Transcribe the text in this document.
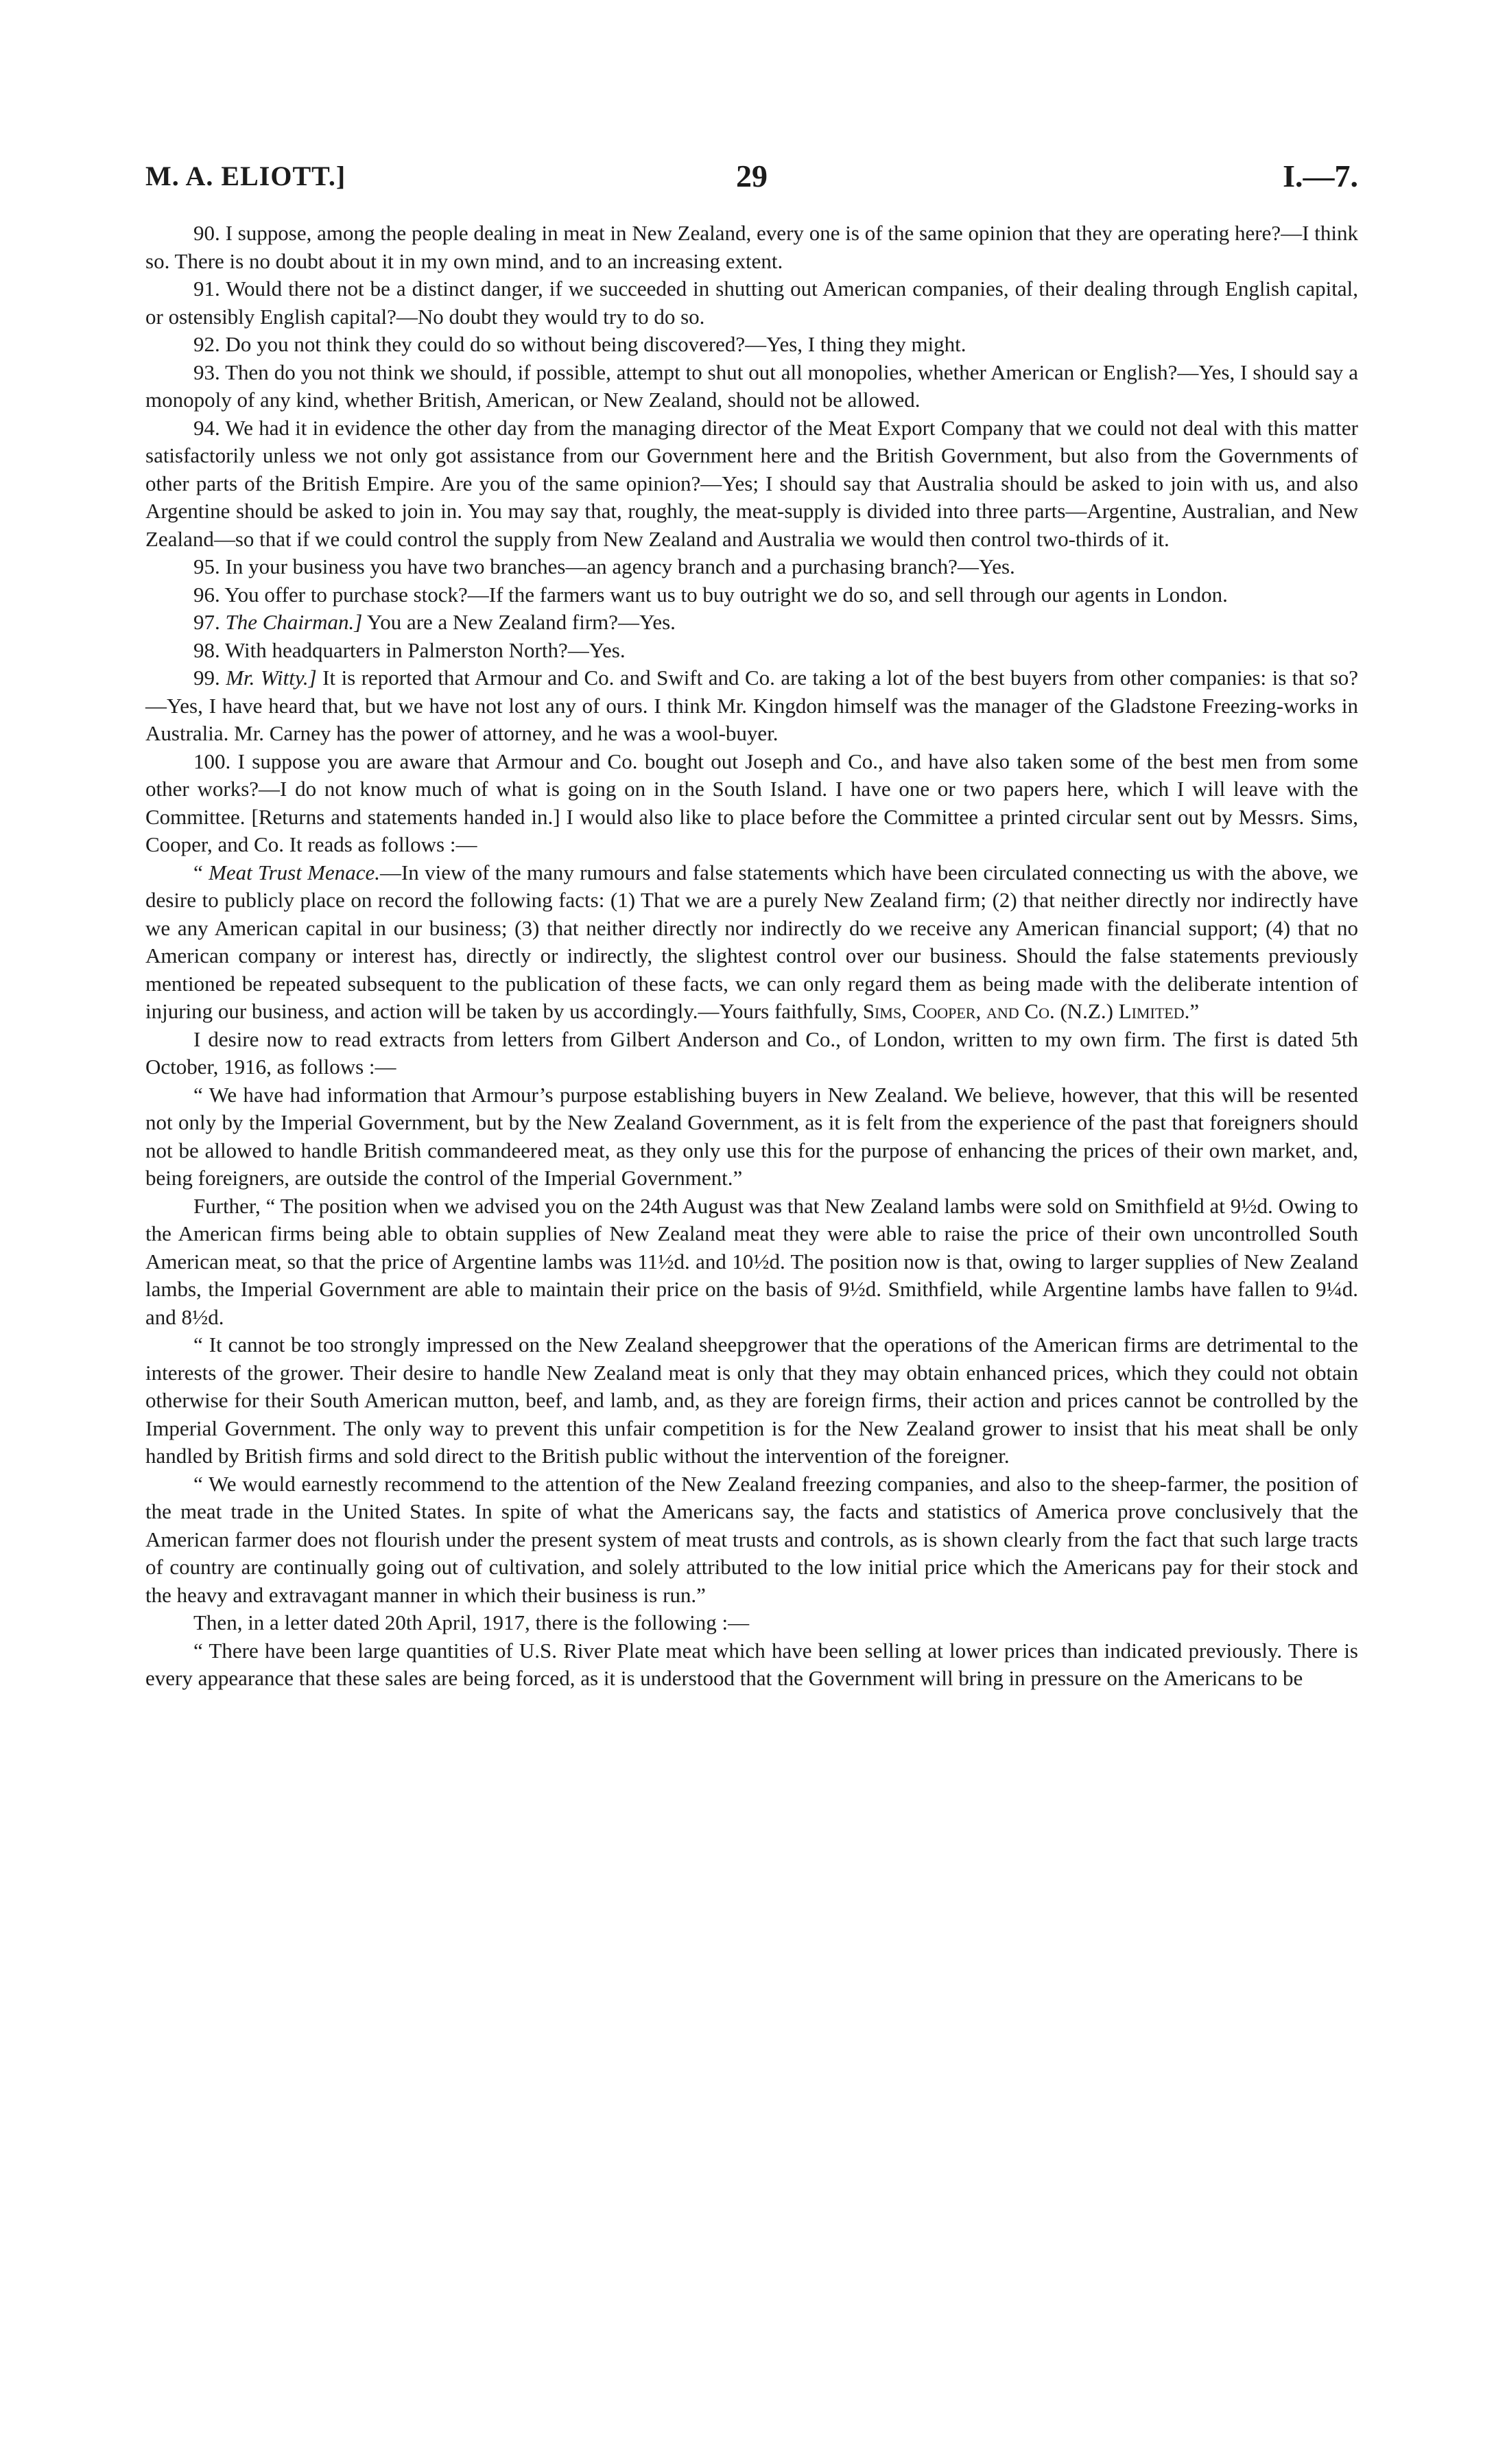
M. A. ELIOTT.]	29	I.—7.

90. I suppose, among the people dealing in meat in New Zealand, every one is of the same opinion that they are operating here?—I think so. There is no doubt about it in my own mind, and to an increasing extent.

91. Would there not be a distinct danger, if we succeeded in shutting out American companies, of their dealing through English capital, or ostensibly English capital?—No doubt they would try to do so.

92. Do you not think they could do so without being discovered?—Yes, I thing they might.

93. Then do you not think we should, if possible, attempt to shut out all monopolies, whether American or English?—Yes, I should say a monopoly of any kind, whether British, American, or New Zealand, should not be allowed.

94. We had it in evidence the other day from the managing director of the Meat Export Company that we could not deal with this matter satisfactorily unless we not only got assistance from our Government here and the British Government, but also from the Governments of other parts of the British Empire. Are you of the same opinion?—Yes; I should say that Australia should be asked to join with us, and also Argentine should be asked to join in. You may say that, roughly, the meat-supply is divided into three parts—Argentine, Australian, and New Zealand—so that if we could control the supply from New Zealand and Australia we would then control two-thirds of it.

95. In your business you have two branches—an agency branch and a purchasing branch?—Yes.

96. You offer to purchase stock?—If the farmers want us to buy outright we do so, and sell through our agents in London.

97. The Chairman.] You are a New Zealand firm?—Yes.

98. With headquarters in Palmerston North?—Yes.

99. Mr. Witty.] It is reported that Armour and Co. and Swift and Co. are taking a lot of the best buyers from other companies: is that so?—Yes, I have heard that, but we have not lost any of ours. I think Mr. Kingdon himself was the manager of the Gladstone Freezing-works in Australia. Mr. Carney has the power of attorney, and he was a wool-buyer.

100. I suppose you are aware that Armour and Co. bought out Joseph and Co., and have also taken some of the best men from some other works?—I do not know much of what is going on in the South Island. I have one or two papers here, which I will leave with the Committee. [Returns and statements handed in.] I would also like to place before the Committee a printed circular sent out by Messrs. Sims, Cooper, and Co. It reads as follows :—

“ Meat Trust Menace.—In view of the many rumours and false statements which have been circulated connecting us with the above, we desire to publicly place on record the following facts: (1) That we are a purely New Zealand firm; (2) that neither directly nor indirectly have we any American capital in our business; (3) that neither directly nor indirectly do we receive any American financial support; (4) that no American company or interest has, directly or indirectly, the slightest control over our business. Should the false statements previously mentioned be repeated subsequent to the publication of these facts, we can only regard them as being made with the deliberate intention of injuring our business, and action will be taken by us accordingly.—Yours faithfully, Sims, Cooper, and Co. (N.Z.) Limited.”

I desire now to read extracts from letters from Gilbert Anderson and Co., of London, written to my own firm. The first is dated 5th October, 1916, as follows :—

“ We have had information that Armour’s purpose establishing buyers in New Zealand. We believe, however, that this will be resented not only by the Imperial Government, but by the New Zealand Government, as it is felt from the experience of the past that foreigners should not be allowed to handle British commandeered meat, as they only use this for the purpose of enhancing the prices of their own market, and, being foreigners, are outside the control of the Imperial Government.”

Further, “ The position when we advised you on the 24th August was that New Zealand lambs were sold on Smithfield at 9½d. Owing to the American firms being able to obtain supplies of New Zealand meat they were able to raise the price of their own uncontrolled South American meat, so that the price of Argentine lambs was 11½d. and 10½d. The position now is that, owing to larger supplies of New Zealand lambs, the Imperial Government are able to maintain their price on the basis of 9½d. Smithfield, while Argentine lambs have fallen to 9¼d. and 8½d.

“ It cannot be too strongly impressed on the New Zealand sheepgrower that the operations of the American firms are detrimental to the interests of the grower. Their desire to handle New Zealand meat is only that they may obtain enhanced prices, which they could not obtain otherwise for their South American mutton, beef, and lamb, and, as they are foreign firms, their action and prices cannot be controlled by the Imperial Government. The only way to prevent this unfair competition is for the New Zealand grower to insist that his meat shall be only handled by British firms and sold direct to the British public without the intervention of the foreigner.

“ We would earnestly recommend to the attention of the New Zealand freezing companies, and also to the sheep-farmer, the position of the meat trade in the United States. In spite of what the Americans say, the facts and statistics of America prove conclusively that the American farmer does not flourish under the present system of meat trusts and controls, as is shown clearly from the fact that such large tracts of country are continually going out of cultivation, and solely attributed to the low initial price which the Americans pay for their stock and the heavy and extravagant manner in which their business is run.”

Then, in a letter dated 20th April, 1917, there is the following :—

“ There have been large quantities of U.S. River Plate meat which have been selling at lower prices than indicated previously. There is every appearance that these sales are being forced, as it is understood that the Government will bring in pressure on the Americans to be
